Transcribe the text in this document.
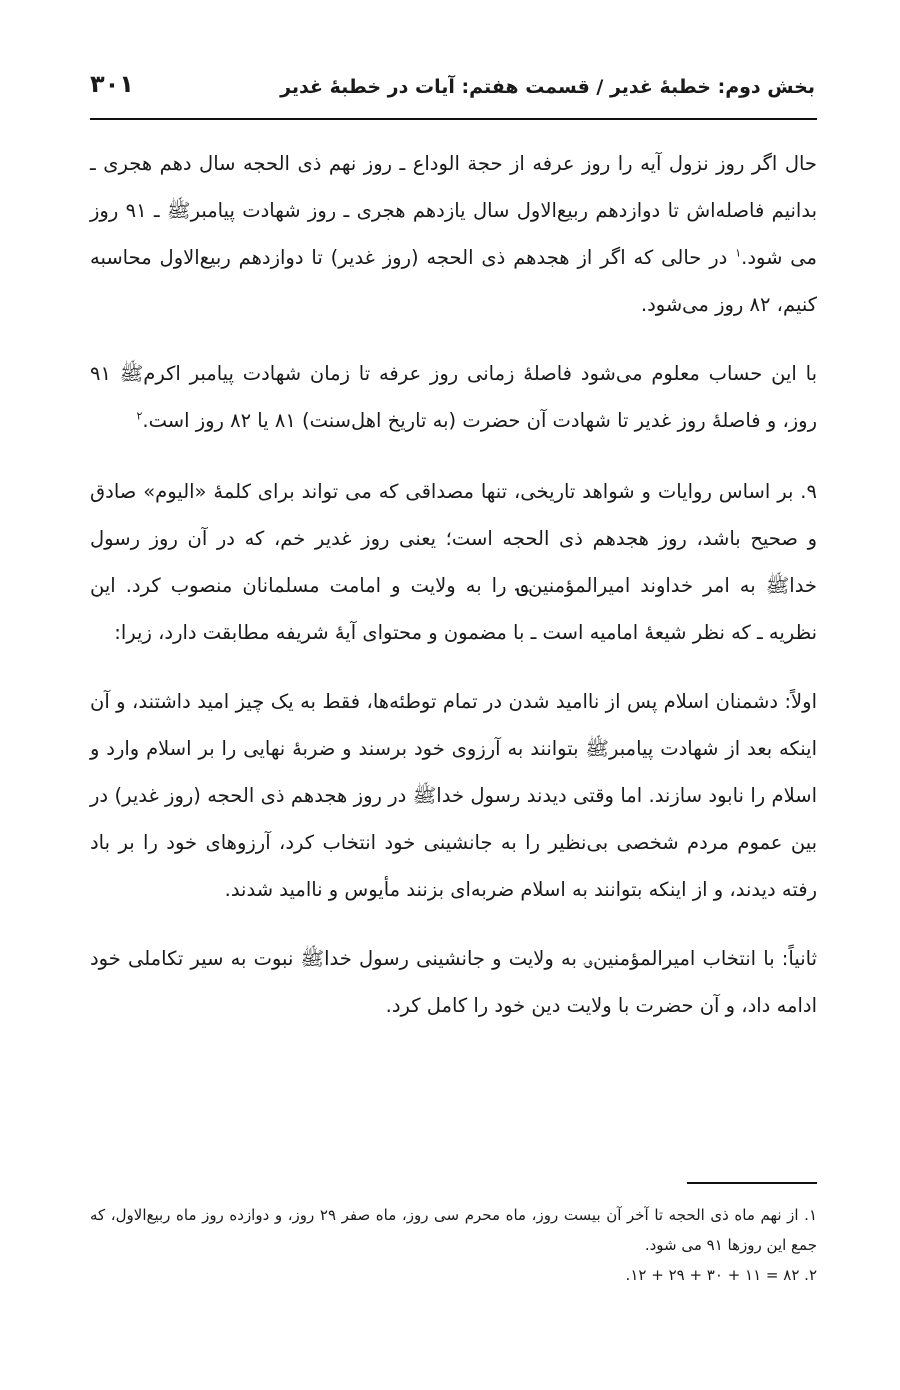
بخش دوم: خطبهٔ غدیر / قسمت هفتم: آیات در خطبهٔ غدیر
۳۰۱

حال اگر روز نزول آیه را روز عرفه از حجة الوداع ـ روز نهم ذی الحجه سال دهم هجری ـ بدانیم فاصله‌اش تا دوازدهم ربیع‌الاول سال یازدهم هجری ـ روز شهادت پیامبرﷺ ـ ۹۱ روز می شود.$^۱$ در حالی که اگر از هجدهم ذی الحجه (روز غدیر) تا دوازدهم ربیع‌الاول محاسبه کنیم، ۸۲ روز می‌شود.

با این حساب معلوم می‌شود فاصلهٔ زمانی روز عرفه تا زمان شهادت پیامبر اکرمﷺ ۹۱ روز، و فاصلهٔ روز غدیر تا شهادت آن حضرت (به تاریخ اهل‌سنت) ۸۱ یا ۸۲ روز است.$^۲$

۹. بر اساس روایات و شواهد تاریخی، تنها مصداقی که می تواند برای کلمهٔ «الیوم» صادق و صحیح باشد، روز هجدهم ذی الحجه است؛ یعنی روز غدیر خم، که در آن روز رسول خداﷺ به امر خداوند امیرالمؤمنین؈ را به ولایت و امامت مسلمانان منصوب کرد. این نظریه ـ که نظر شیعهٔ امامیه است ـ با مضمون و محتوای آیهٔ شریفه مطابقت دارد، زیرا:

اولاً: دشمنان اسلام پس از ناامید شدن در تمام توطئه‌ها، فقط به یک چیز امید داشتند، و آن اینکه بعد از شهادت پیامبرﷺ بتوانند به آرزوی خود برسند و ضربهٔ نهایی را بر اسلام وارد و اسلام را نابود سازند. اما وقتی دیدند رسول خداﷺ در روز هجدهم ذی الحجه (روز غدیر) در بین عموم مردم شخصی بی‌نظیر را به جانشینی خود انتخاب کرد، آرزوهای خود را بر باد رفته دیدند، و از اینکه بتوانند به اسلام ضربه‌ای بزنند مأیوس و ناامید شدند.

ثانیاً: با انتخاب امیرالمؤمنین؈ به ولایت و جانشینی رسول خداﷺ نبوت به سیر تکاملی خود ادامه داد، و آن حضرت با ولایت دین خود را کامل کرد.

۱. از نهم ماه ذی الحجه تا آخر آن بیست روز، ماه محرم سی روز، ماه صفر ۲۹ روز، و دوازده روز ماه ربیع‌الاول، که جمع این روزها ۹۱ می شود.

۲. ۸۲ = ۱۱ + ۳۰ + ۲۹ + ۱۲.
